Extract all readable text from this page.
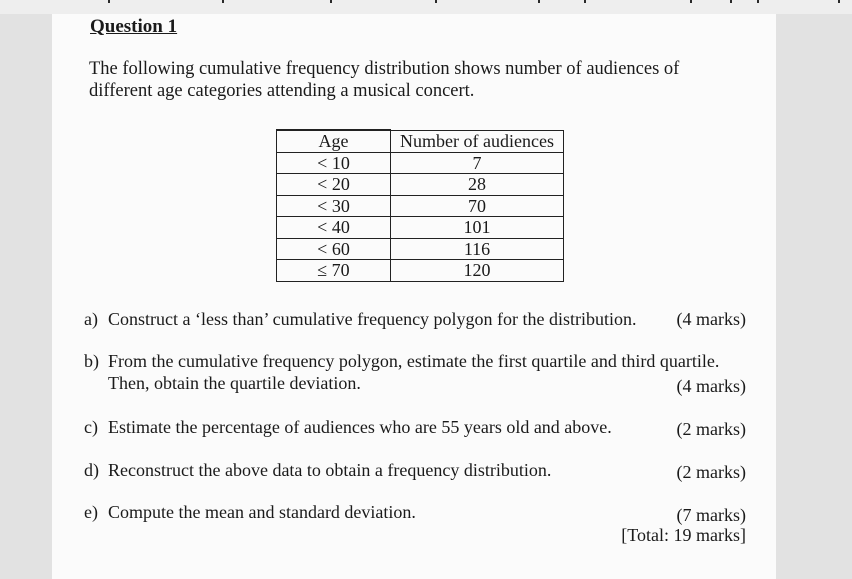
Question 1
The following cumulative frequency distribution shows number of audiences of
different age categories attending a musical concert.
Age	Number of audiences
< 10	7
< 20	28
< 30	70
< 40	101
< 60	116
≤ 70	120
a) Construct a ‘less than’ cumulative frequency polygon for the distribution. (4 marks)
b) From the cumulative frequency polygon, estimate the first quartile and third quartile.
Then, obtain the quartile deviation.	(4 marks)
c) Estimate the percentage of audiences who are 55 years old and above.	(2 marks)
d) Reconstruct the above data to obtain a frequency distribution.	(2 marks)
e) Compute the mean and standard deviation.	(7 marks)
[Total: 19 marks]
